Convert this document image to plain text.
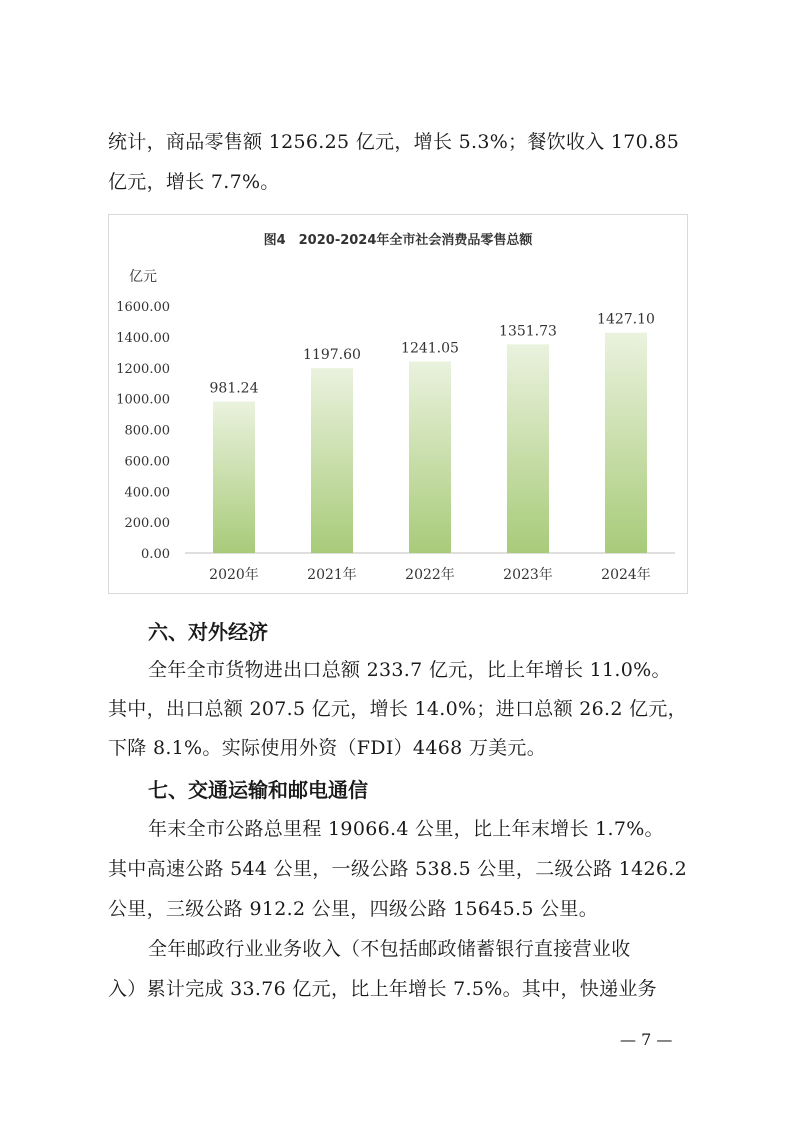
统计，商品零售额 1256.25 亿元，增长 5.3%；餐饮收入 170.85
亿元，增长 7.7%。
图4　2020-2024年全市社会消费品零售总额
亿元
0.00
200.00
400.00
600.00
800.00
1000.00
1200.00
1400.00
1600.00
981.24
1197.60	1241.05
1351.73
1427.10
2020年	2021年	2022年	2023年	2024年
六、对外经济
全年全市货物进出口总额 233.7 亿元，比上年增长 11.0%。
其中，出口总额 207.5 亿元，增长 14.0%；进口总额 26.2 亿元，
下降 8.1%。实际使用外资（FDI）4468 万美元。
七、交通运输和邮电通信
年末全市公路总里程 19066.4 公里，比上年末增长 1.7%。
其中高速公路 544 公里，一级公路 538.5 公里，二级公路 1426.2
公里，三级公路 912.2 公里，四级公路 15645.5 公里。
全年邮政行业业务收入（不包括邮政储蓄银行直接营业收
入）累计完成 33.76 亿元，比上年增长 7.5%。其中，快递业务
— 7 —
